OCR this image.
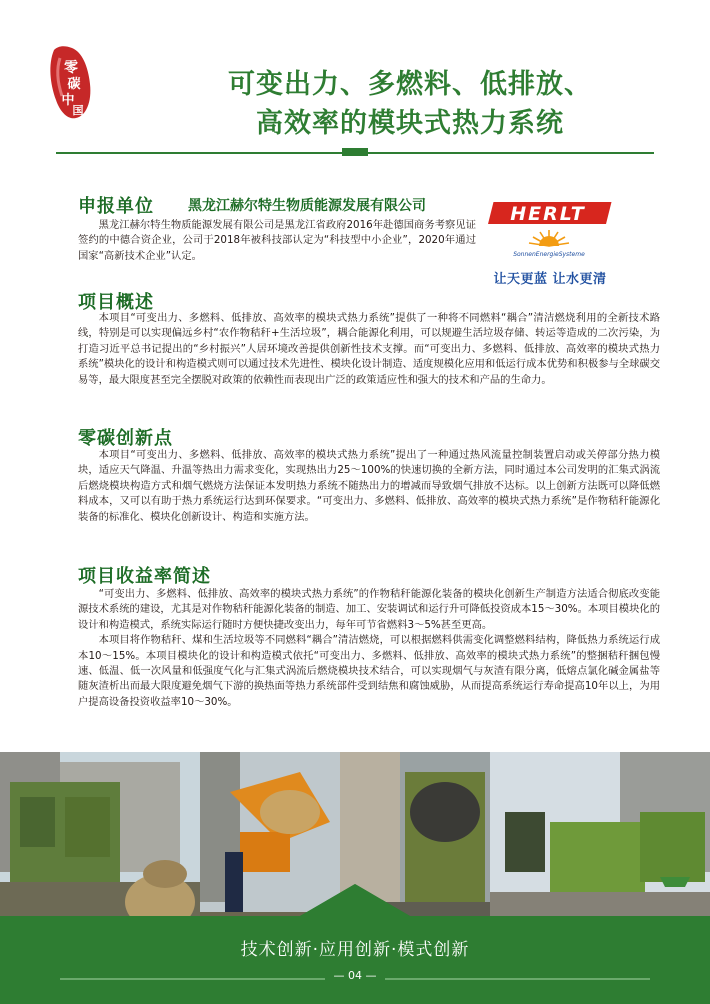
零
碳
中
国
可变出力、多燃料、低排放、
高效率的模块式热力系统
申报单位 黑龙江赫尔特生物质能源发展有限公司

黑龙江赫尔特生物质能源发展有限公司是黑龙江省政府2016年赴德国商务考察见证签约的中德合资企业，公司于2018年被科技部认定为“科技型中小企业”，2020年通过国家“高新技术企业”认定。

HERLT
SonnenEnergieSysteme
让天更蓝 让水更清
项目概述

本项目“可变出力、多燃料、低排放、高效率的模块式热力系统”提供了一种将不同燃料“耦合”清洁燃烧利用的全新技术路线，特别是可以实现偏远乡村“农作物秸秆+生活垃圾”，耦合能源化利用，可以规避生活垃圾存储、转运等造成的二次污染，为打造习近平总书记提出的“乡村振兴”人居环境改善提供创新性技术支撑。而“可变出力、多燃料、低排放、高效率的模块式热力系统”模块化的设计和构造模式则可以通过技术先进性、模块化设计制造、适度规模化应用和低运行成本优势和积极参与全球碳交易等，最大限度甚至完全摆脱对政策的依赖性而表现出广泛的政策适应性和强大的技术和产品的生命力。

零碳创新点

本项目“可变出力、多燃料、低排放、高效率的模块式热力系统”提出了一种通过热风流量控制装置启动或关停部分热力模块，适应天气降温、升温等热出力需求变化，实现热出力25～100%的快速切换的全新方法，同时通过本公司发明的汇集式涡流后燃烧模块构造方式和烟气燃烧方法保证本发明热力系统不随热出力的增减而导致烟气排放不达标。以上创新方法既可以降低燃料成本，又可以有助于热力系统运行达到环保要求。“可变出力、多燃料、低排放、高效率的模块式热力系统”是作物秸秆能源化装备的标准化、模块化创新设计、构造和实施方法。

项目收益率简述

“可变出力、多燃料、低排放、高效率的模块式热力系统”的作物秸秆能源化装备的模块化创新生产制造方法适合彻底改变能源技术系统的建设，尤其是对作物秸秆能源化装备的制造、加工、安装调试和运行升可降低投资成本15～30%。本项目模块化的设计和构造模式，系统实际运行随时方便快捷改变出力，每年可节省燃料3～5%甚至更高。
本项目将作物秸秆、煤和生活垃圾等不同燃料“耦合”清洁燃烧，可以根据燃料供需变化调整燃料结构，降低热力系统运行成本10～15%。本项目模块化的设计和构造模式依托“可变出力、多燃料、低排放、高效率的模块式热力系统”的整捆秸秆捆包慢速、低温、低一次风量和低强度气化与汇集式涡流后燃烧模块技术结合，可以实现烟气与灰渣有限分离，低熔点氯化碱金属盐等随灰渣析出而最大限度避免烟气下游的换热面等热力系统部件受到结焦和腐蚀威胁，从而提高系统运行寿命提高10年以上，为用户提高设备投资收益率10～30%。

技术创新·应用创新·模式创新
— 04 —
